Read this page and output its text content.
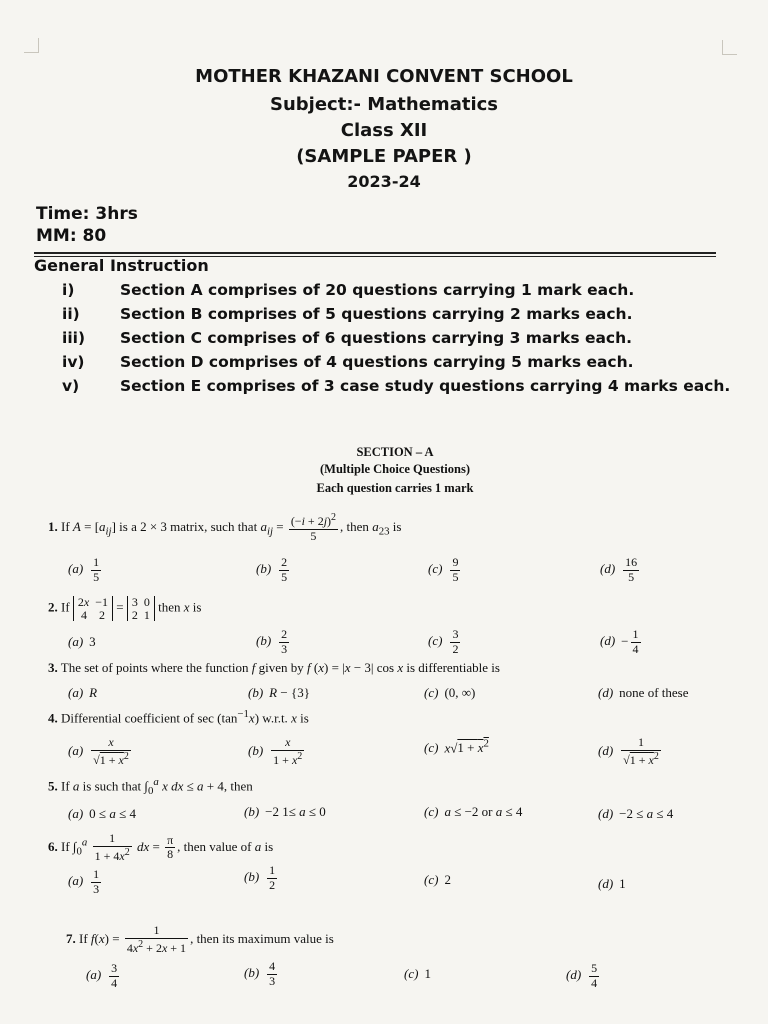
MOTHER KHAZANI CONVENT SCHOOL
Subject:- Mathematics
Class XII
(SAMPLE PAPER )
2023-24
Time: 3hrs
MM: 80
General Instruction
i)	Section A comprises of 20 questions carrying 1 mark each.
ii)	Section B comprises of 5 questions carrying 2 marks each.
iii) Section C comprises of 6 questions carrying 3 marks each.
iv) Section D comprises of 4 questions carrying 5 marks each.
v)	Section E comprises of 3 case study questions carrying 4 marks each.
SECTION – A
(Multiple Choice Questions)
Each question carries 1 mark
1. If $A = [a_{ij}]$ is a 2 × 3 matrix, such that $a_{ij} = \frac{(-i + 2j)^2}{5}$ , then $a_{23}$ is
$(a) \frac{1}{5}$	$(b) \frac{2}{5}$	$(c) \frac{9}{5}$	$(d) \frac{16}{5}$
2. If 2x  −1
4    2
= 3  0
2  1
then x is
(a) 3	$(b) \frac{2}{3}$	$(c) \frac{3}{2}$	$(d) - \frac{1}{4}$
3. The set of points where the function f given by f (x) = |x − 3| cos x is differentiable is
(a) R	(b) R − {3}	(c) (0, ∞)	(d) none of these
4. Differential coefficient of $\sec (\tan^{-1}x)$ w.r.t. x is
$(a) \frac{x}{√1 + x^2}$	$(b) \frac{x}{1 + x^2}$	(c) $x√1 + x^2$	$(d) \frac{1}{√1 + x^2}$
5. If a is such that $\int_0^a$ x dx ≤ a + 4, then
(a) 0 ≤ a ≤ 4	(b) −2 1≤ a ≤ 0	(c) a ≤ −2 or a ≤ 4	(d) −2 ≤ a ≤ 4
6. If $\int_0^a \frac{1}{1 + 4x^2}$ dx = $\frac{\pi}{8}$ , then value of a is
$(a) \frac{1}{3}$	$(b) \frac{1}{2}$	(c) 2	(d) 1
7. If $f(x) = \frac{1}{4x^2 + 2x + 1}$ , then its maximum value is
$(a) \frac{3}{4}$	$(b) \frac{4}{3}$	(c) 1	$(d) \frac{5}{4}$
